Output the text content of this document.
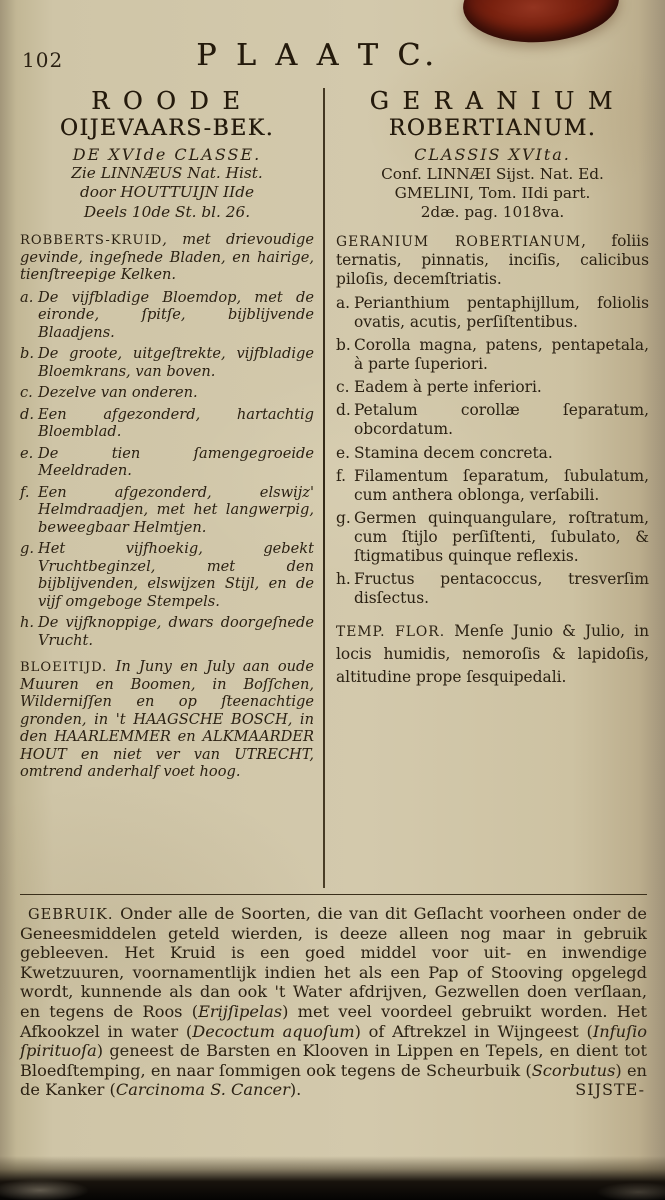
102	P L A A T C.
R O O D E
OIJEVAARS-BEK.
DE XVIde CLASSE.
Zie LINNÆUS Nat. Hist.
door HOUTTUIJN IIde
Deels 10de St. bl. 26.

ROBBERTS-KRUID, met drievoudige gevinde, ingeſnede Bladen, en hairige, tienſtreepige Kelken.

a. De vijfbladige Bloemdop, met de eironde, ſpitſe, bijblijvende Blaadjens.
b. De groote, uitgeſtrekte, vijfbladige Bloemkrans, van boven.
c. Dezelve van onderen.
d. Een afgezonderd, hartachtig Bloemblad.
e. De tien ſamengegroeide Meeldraden.
f. Een afgezonderd, elswijz' Helmdraadjen, met het langwerpig, beweegbaar Helmtjen.
g. Het vijfhoekig, gebekt Vruchtbeginzel, met den bijblijvenden, elswijzen Stijl, en de vijf omgeboge Stempels.
h. De vijfknoppige, dwars doorgeſnede Vrucht.

BLOEITIJD. In Juny en July aan oude Muuren en Boomen, in Boſſchen, Wilderniſſen en op ſteenachtige gronden, in 't HAAGSCHE BOSCH, in den HAARLEMMER en ALKMAARDER HOUT en niet ver van UTRECHT, omtrend anderhalf voet hoog.

G E R A N I U M
ROBERTIANUM.
CLASSIS XVIta.
Conf. LINNÆI Sijst. Nat. Ed.
GMELINI, Tom. IIdi part.
2dæ. pag. 1018va.

GERANIUM ROBERTIANUM, foliis ternatis, pinnatis, inciſis, calicibus piloſis, decemſtriatis.

a. Perianthium pentaphijllum, foliolis ovatis, acutis, perſiſtentibus.
b. Corolla magna, patens, pentapetala, à parte ſuperiori.
c. Eadem à perte inferiori.
d. Petalum corollæ ſeparatum, obcordatum.
e. Stamina decem concreta.
f. Filamentum ſeparatum, ſubulatum, cum anthera oblonga, verſabili.
g. Germen quinquangulare, roſtratum, cum ſtijlo perſiſtenti, ſubulato, & ſtigmatibus quinque reflexis.
h. Fructus pentacoccus, tresverſim disſectus.

TEMP. FLOR. Menſe Junio & Julio, in locis humidis, nemoroſis & lapidoſis, altitudine prope ſesquipedali.

GEBRUIK. Onder alle de Soorten, die van dit Geſlacht voorheen onder de Geneesmiddelen geteld wierden, is deeze alleen nog maar in gebruik gebleeven. Het Kruid is een goed middel voor uit- en inwendige Kwetzuuren, voornamentlijk indien het als een Pap of Stooving opgelegd wordt, kunnende als dan ook 't Water afdrijven, Gezwellen doen verſlaan, en tegens de Roos (Erijſipelas) met veel voordeel gebruikt worden. Het Afkookzel in water (Decoctum aquoſum) of Aftrekzel in Wijngeest (Infuſio ſpirituoſa) geneest de Barsten en Klooven in Lippen en Tepels, en dient tot Bloedſtemping, en naar ſommigen ook tegens de Scheurbuik (Scorbutus) en de Kanker (Carcinoma S. Cancer).	SIJSTE-
